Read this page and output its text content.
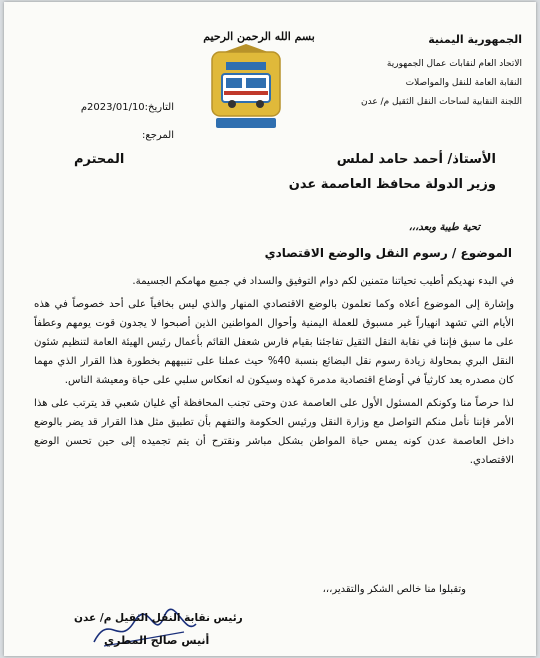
بسم الله الرحمن الرحيم	الجمهورية اليمنية
الاتحاد العام لنقابات عمال الجمهورية
النقابة العامة للنقل والمواصلات
اللجنة النقابية لساحات النقل الثقيل م/ عدن
التاريخ:2023/01/10م
المرجع:
الأستاذ/ أحمد حامد لملس
وزير الدولة محافظ العاصمة عدن
المحترم
تحية طيبة وبعد،،،
الموضوع / رسوم النقل والوضع الاقتصادي

في البدء نهديكم أطيب تحياتنا متمنين لكم دوام التوفيق والسداد في جميع مهامكم الجسيمة.

وإشارة إلى الموضوع أعلاه وكما تعلمون بالوضع الاقتصادي المنهار والذي ليس بخافياً على أحد خصوصاً في هذه الأيام التي تشهد انهياراً غير مسبوق للعملة اليمنية وأحوال المواطنين الذين أصبحوا لا يجدون قوت يومهم وعطفاً على ما سبق فإننا في نقابة النقل الثقيل تفاجئنا بقيام فارس شعفل القائم بأعمال رئيس الهيئة العامة لتنظيم شئون النقل البري بمحاولة زيادة رسوم نقل البضائع بنسبة 40% حيث عملنا على تنبيههم بخطورة هذا القرار الذي مهما كان مصدره يعد كارثياً في أوضاع اقتصادية مدمرة كهذه وسيكون له انعكاس سلبي على حياة ومعيشة الناس.

لذا حرصاً منا وكونكم المسئول الأول على العاصمة عدن وحتى تجنب المحافظة أي غليان شعبي قد يترتب على هذا الأمر فإننا نأمل منكم التواصل مع وزارة النقل ورئيس الحكومة والتفهم بأن تطبيق مثل هذا القرار قد يضر بالوضع داخل العاصمة عدن كونه يمس حياة المواطن بشكل مباشر ونقترح أن يتم تجميده إلى حين تحسن الوضع الاقتصادي.

وتقبلوا منا خالص الشكر والتقدير،،،
رئيس نقابة النقل الثقيل م/ عدن
أنيس صالح المطري
